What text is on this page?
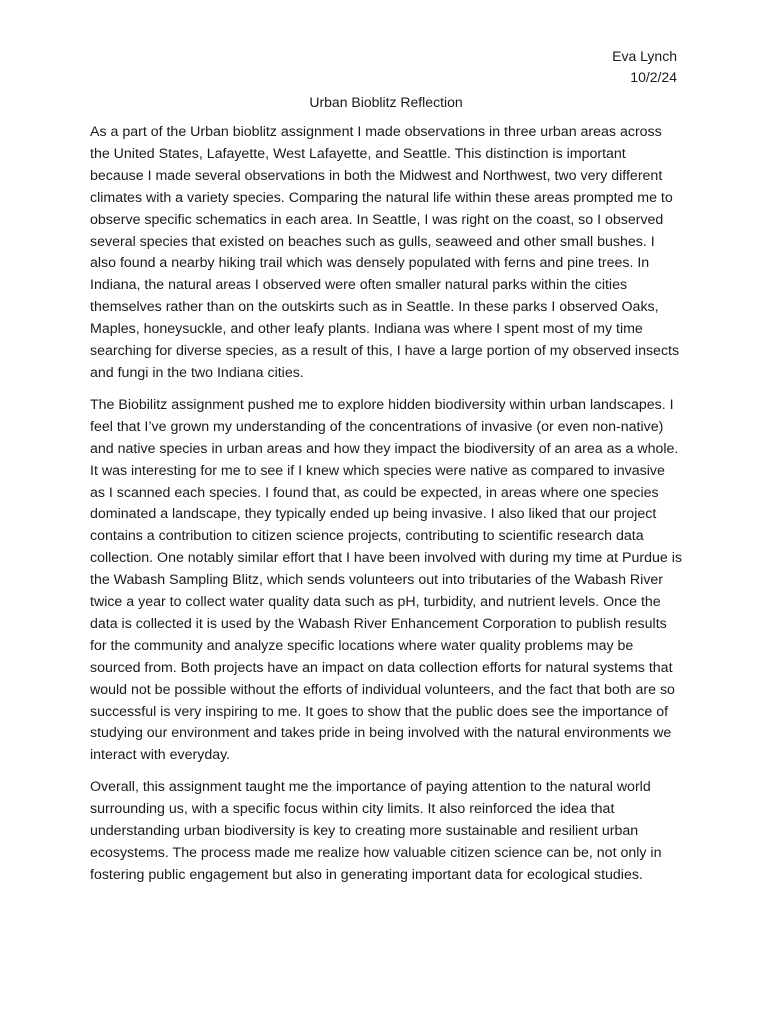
Eva Lynch
10/2/24
Urban Bioblitz Reflection

As a part of the Urban bioblitz assignment I made observations in three urban areas across the United States, Lafayette, West Lafayette, and Seattle. This distinction is important because I made several observations in both the Midwest and Northwest, two very different climates with a variety species. Comparing the natural life within these areas prompted me to observe specific schematics in each area. In Seattle, I was right on the coast, so I observed several species that existed on beaches such as gulls, seaweed and other small bushes. I also found a nearby hiking trail which was densely populated with ferns and pine trees. In Indiana, the natural areas I observed were often smaller natural parks within the cities themselves rather than on the outskirts such as in Seattle. In these parks I observed Oaks, Maples, honeysuckle, and other leafy plants. Indiana was where I spent most of my time searching for diverse species, as a result of this, I have a large portion of my observed insects and fungi in the two Indiana cities.

The Biobilitz assignment pushed me to explore hidden biodiversity within urban landscapes. I feel that I’ve grown my understanding of the concentrations of invasive (or even non-native) and native species in urban areas and how they impact the biodiversity of an area as a whole. It was interesting for me to see if I knew which species were native as compared to invasive as I scanned each species. I found that, as could be expected, in areas where one species dominated a landscape, they typically ended up being invasive. I also liked that our project contains a contribution to citizen science projects, contributing to scientific research data collection. One notably similar effort that I have been involved with during my time at Purdue is the Wabash Sampling Blitz, which sends volunteers out into tributaries of the Wabash River twice a year to collect water quality data such as pH, turbidity, and nutrient levels. Once the data is collected it is used by the Wabash River Enhancement Corporation to publish results for the community and analyze specific locations where water quality problems may be sourced from. Both projects have an impact on data collection efforts for natural systems that would not be possible without the efforts of individual volunteers, and the fact that both are so successful is very inspiring to me. It goes to show that the public does see the importance of studying our environment and takes pride in being involved with the natural environments we interact with everyday.

Overall, this assignment taught me the importance of paying attention to the natural world surrounding us, with a specific focus within city limits. It also reinforced the idea that understanding urban biodiversity is key to creating more sustainable and resilient urban ecosystems. The process made me realize how valuable citizen science can be, not only in fostering public engagement but also in generating important data for ecological studies.
